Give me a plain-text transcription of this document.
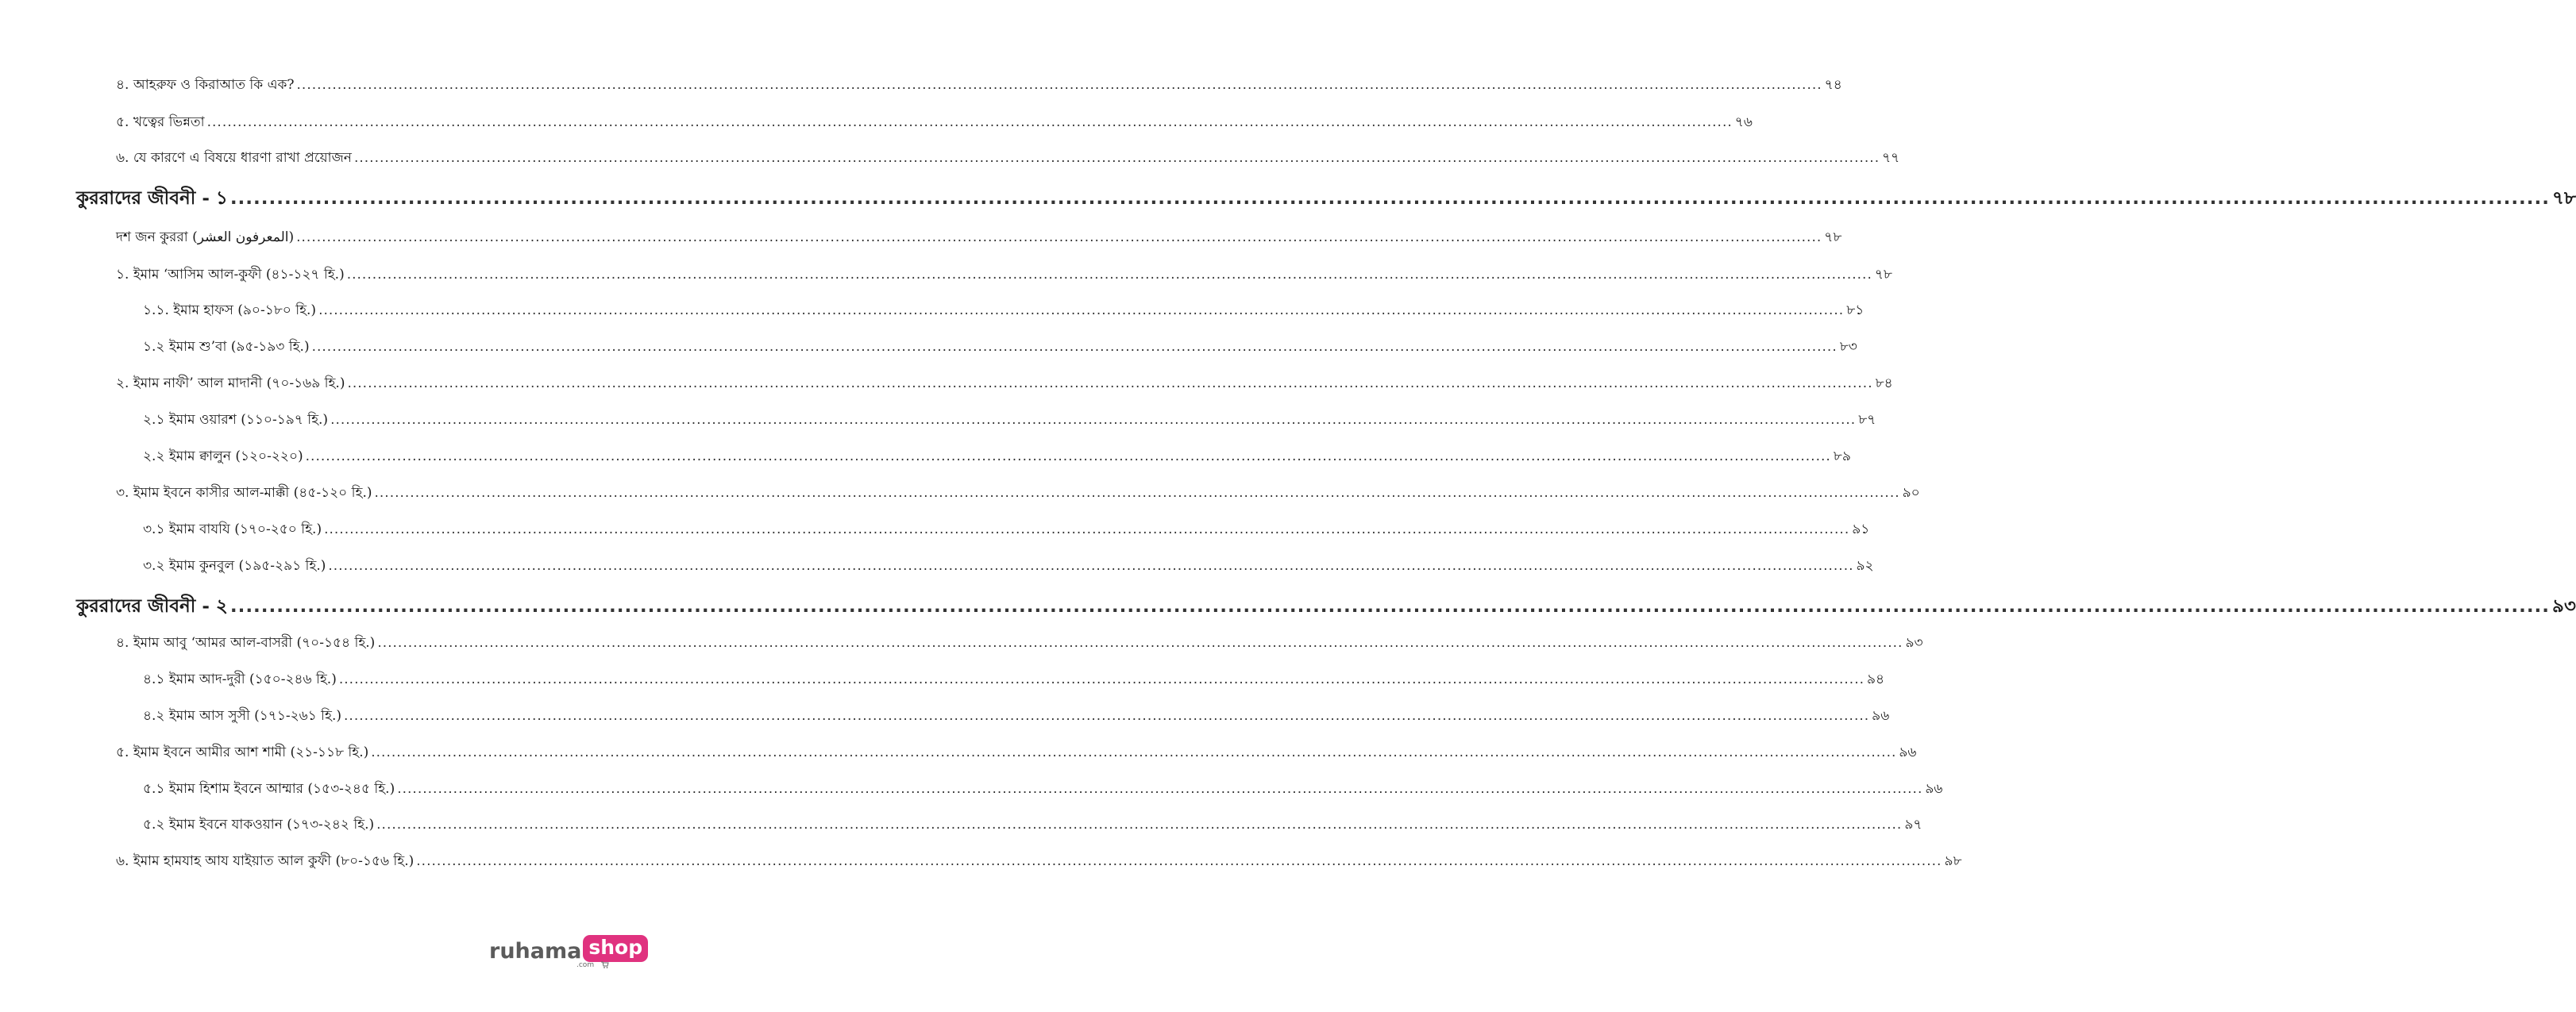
৪. আহরুফ ও কিরাআত কি এক? ............................................................................................................................................................................................................................................................................................................ ৭৪
৫. খত্বের ভিন্নতা ............................................................................................................................................................................................................................................................................................................ ৭৬
৬. যে কারণে এ বিষয়ে ধারণা রাখা প্রয়োজন ............................................................................................................................................................................................................................................................................................................ ৭৭
কুররাদের জীবনী - ১ ............................................................................................................................................................................................................................................................................................................ ৭৮
দশ জন কুররা (المعرفون العشر) ............................................................................................................................................................................................................................................................................................................ ৭৮
১. ইমাম ‘আসিম আল-কুফী (৪১-১২৭ হি.) ............................................................................................................................................................................................................................................................................................................ ৭৮
১.১. ইমাম হাফস (৯০-১৮০ হি.) ............................................................................................................................................................................................................................................................................................................ ৮১
১.২ ইমাম শু’বা (৯৫-১৯৩ হি.) ............................................................................................................................................................................................................................................................................................................ ৮৩
২. ইমাম নাফী’ আল মাদানী (৭০-১৬৯ হি.) ............................................................................................................................................................................................................................................................................................................ ৮৪
২.১ ইমাম ওয়ারশ (১১০-১৯৭ হি.) ............................................................................................................................................................................................................................................................................................................ ৮৭
২.২ ইমাম ক্বালুন (১২০-২২০) ............................................................................................................................................................................................................................................................................................................ ৮৯
৩. ইমাম ইবনে কাসীর আল-মাক্কী (৪৫-১২০ হি.) ............................................................................................................................................................................................................................................................................................................ ৯০
৩.১ ইমাম বাযযি (১৭০-২৫০ হি.) ............................................................................................................................................................................................................................................................................................................ ৯১
৩.২ ইমাম কুনবুল (১৯৫-২৯১ হি.) ............................................................................................................................................................................................................................................................................................................ ৯২
কুররাদের জীবনী - ২ ............................................................................................................................................................................................................................................................................................................ ৯৩
৪. ইমাম আবু ‘আমর আল-বাসরী (৭০-১৫৪ হি.) ............................................................................................................................................................................................................................................................................................................ ৯৩
৪.১ ইমাম আদ-দুরী (১৫০-২৪৬ হি.) ............................................................................................................................................................................................................................................................................................................ ৯৪
৪.২ ইমাম আস সুসী (১৭১-২৬১ হি.) ............................................................................................................................................................................................................................................................................................................ ৯৬
৫. ইমাম ইবনে আমীর আশ শামী (২১-১১৮ হি.) ............................................................................................................................................................................................................................................................................................................ ৯৬
৫.১ ইমাম হিশাম ইবনে আম্মার (১৫৩-২৪৫ হি.) ............................................................................................................................................................................................................................................................................................................ ৯৬
৫.২ ইমাম ইবনে যাকওয়ান (১৭৩-২৪২ হি.) ............................................................................................................................................................................................................................................................................................................ ৯৭
৬. ইমাম হামযাহ আয যাইয়াত আল কুফী (৮০-১৫৬ হি.) ............................................................................................................................................................................................................................................................................................................ ৯৮
ruhama shop
.com
